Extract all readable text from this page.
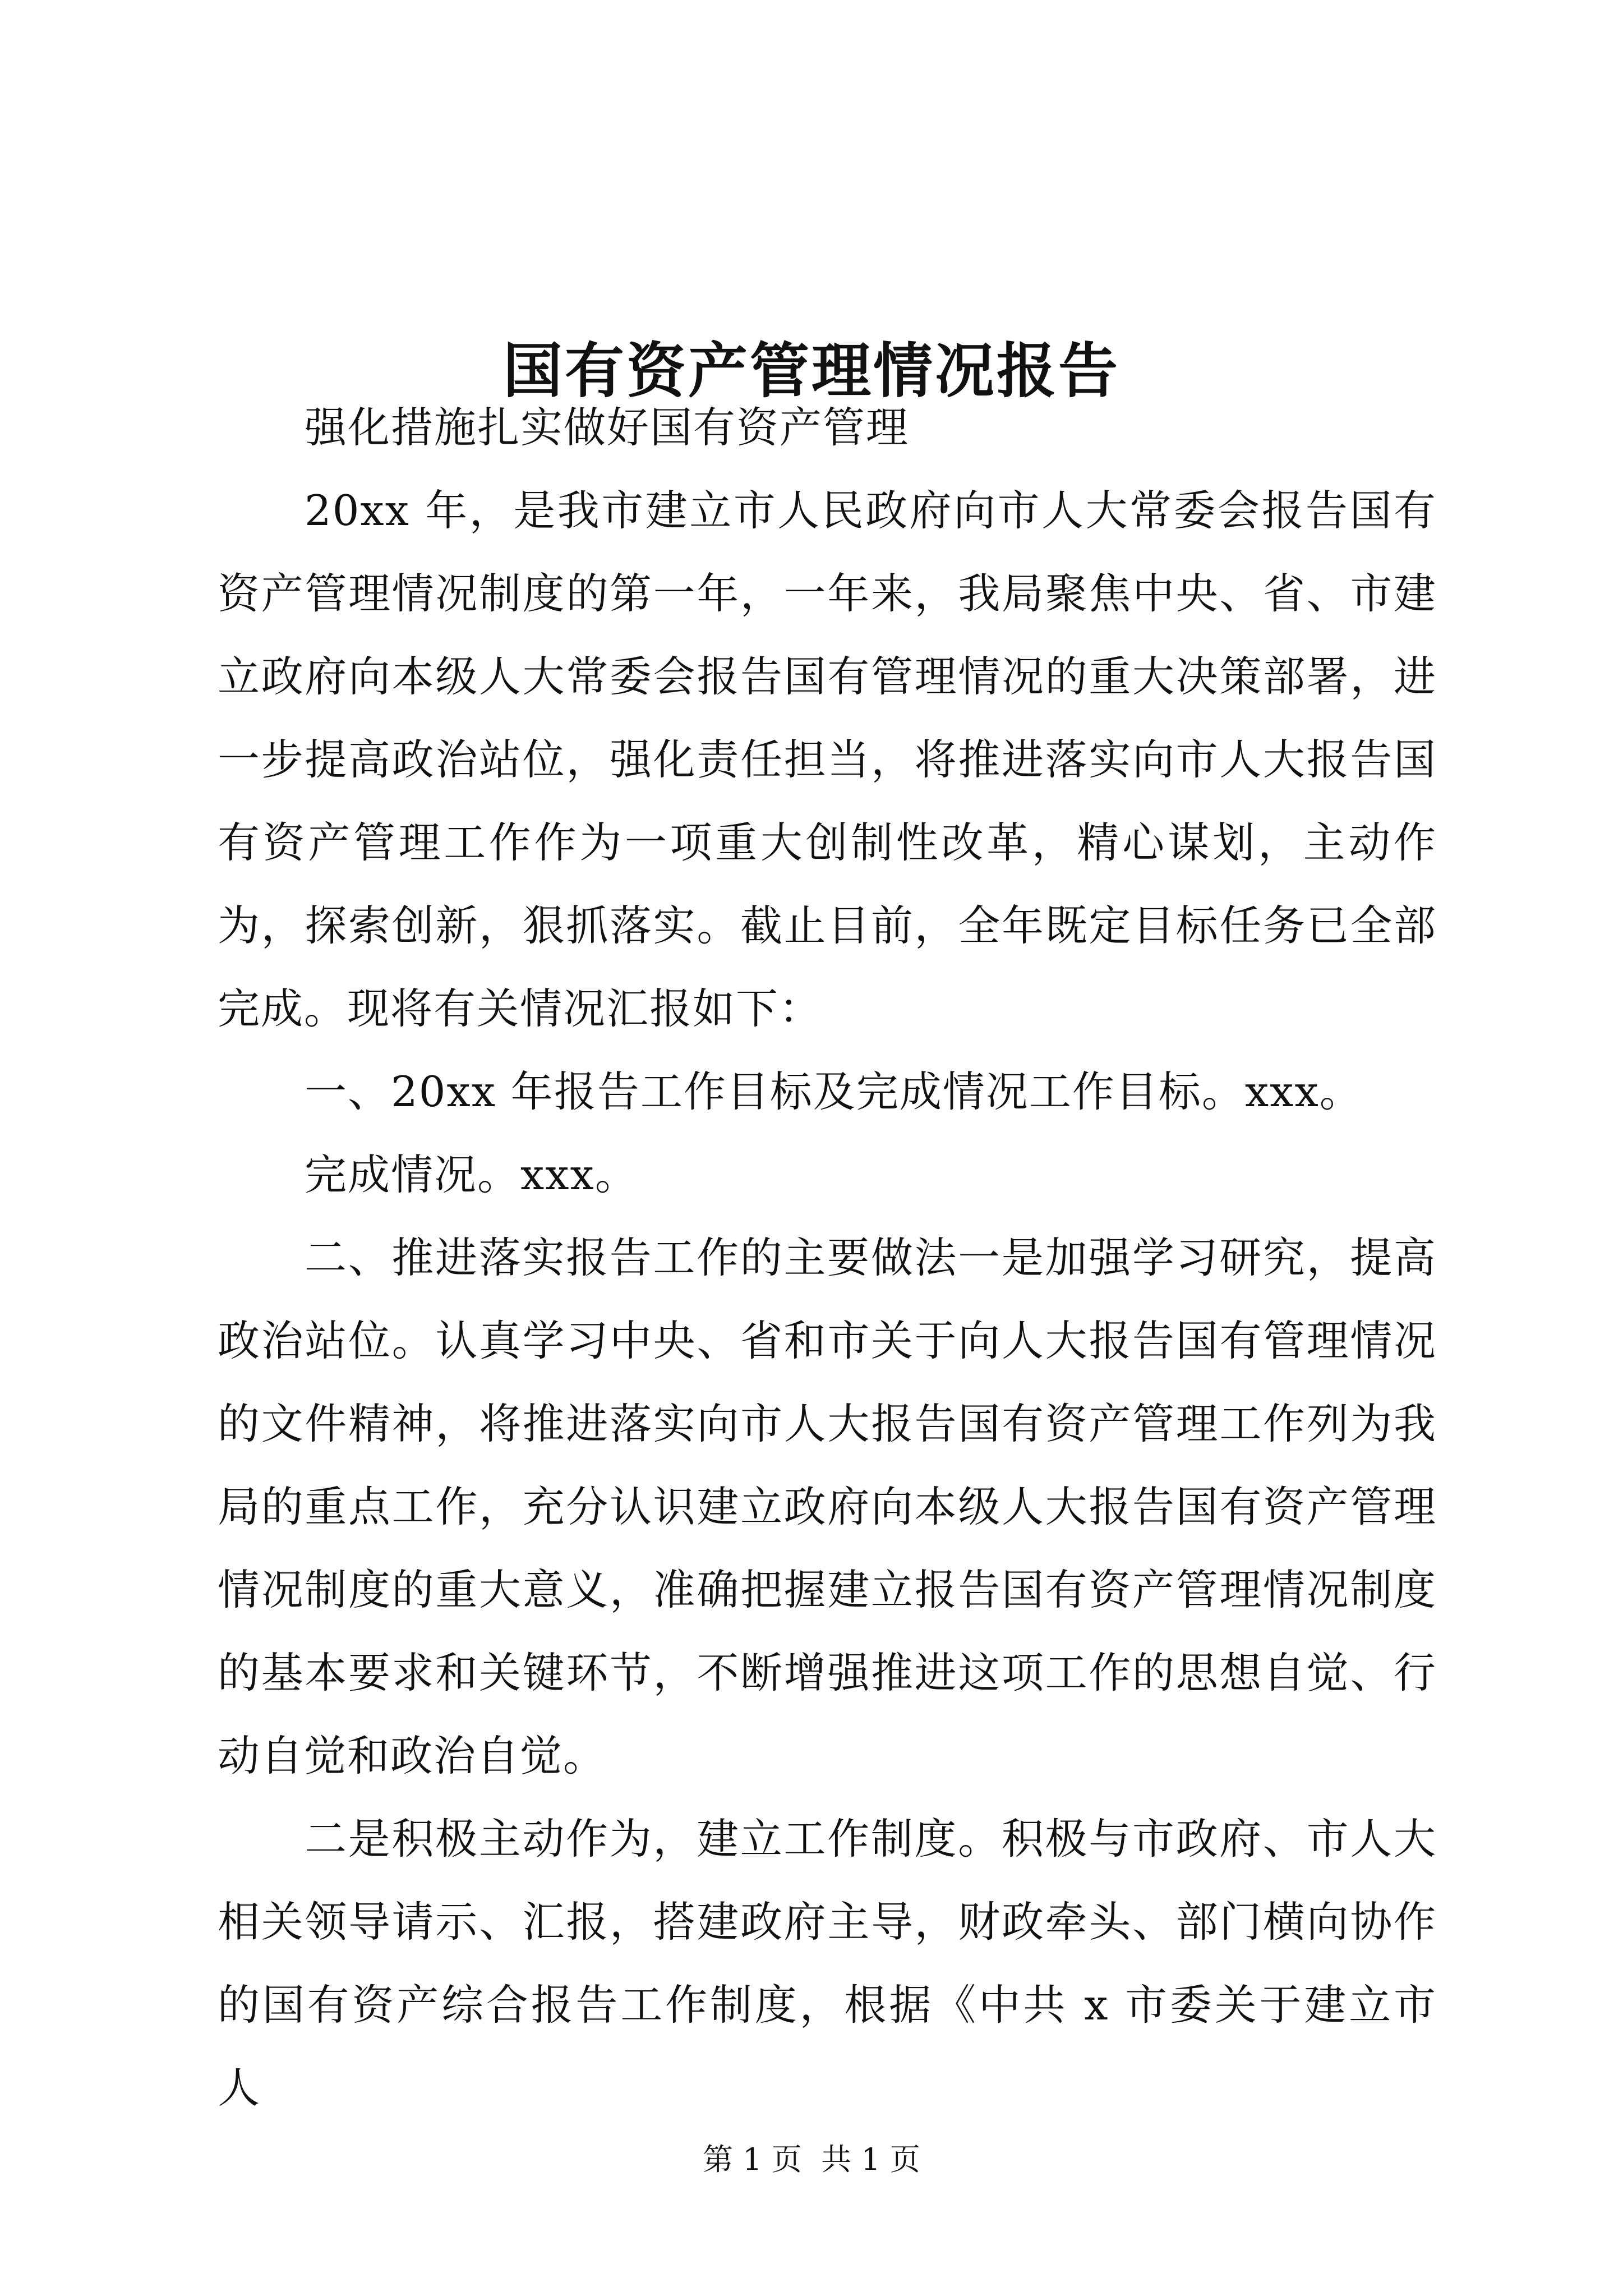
国有资产管理情况报告

强化措施扎实做好国有资产管理

20xx 年，是我市建立市人民政府向市人大常委会报告国有资产管理情况制度的第一年，一年来，我局聚焦中央、省、市建立政府向本级人大常委会报告国有管理情况的重大决策部署，进一步提高政治站位，强化责任担当，将推进落实向市人大报告国有资产管理工作作为一项重大创制性改革，精心谋划，主动作为，探索创新，狠抓落实。截止目前，全年既定目标任务已全部完成。现将有关情况汇报如下：

一、20xx 年报告工作目标及完成情况工作目标。xxx。

完成情况。xxx。

二、推进落实报告工作的主要做法一是加强学习研究，提高政治站位。认真学习中央、省和市关于向人大报告国有管理情况的文件精神，将推进落实向市人大报告国有资产管理工作列为我局的重点工作，充分认识建立政府向本级人大报告国有资产管理情况制度的重大意义，准确把握建立报告国有资产管理情况制度的基本要求和关键环节，不断增强推进这项工作的思想自觉、行动自觉和政治自觉。

二是积极主动作为，建立工作制度。积极与市政府、市人大相关领导请示、汇报，搭建政府主导，财政牵头、部门横向协作的国有资产综合报告工作制度，根据《中共 x 市委关于建立市人

第 1 页  共 1 页
